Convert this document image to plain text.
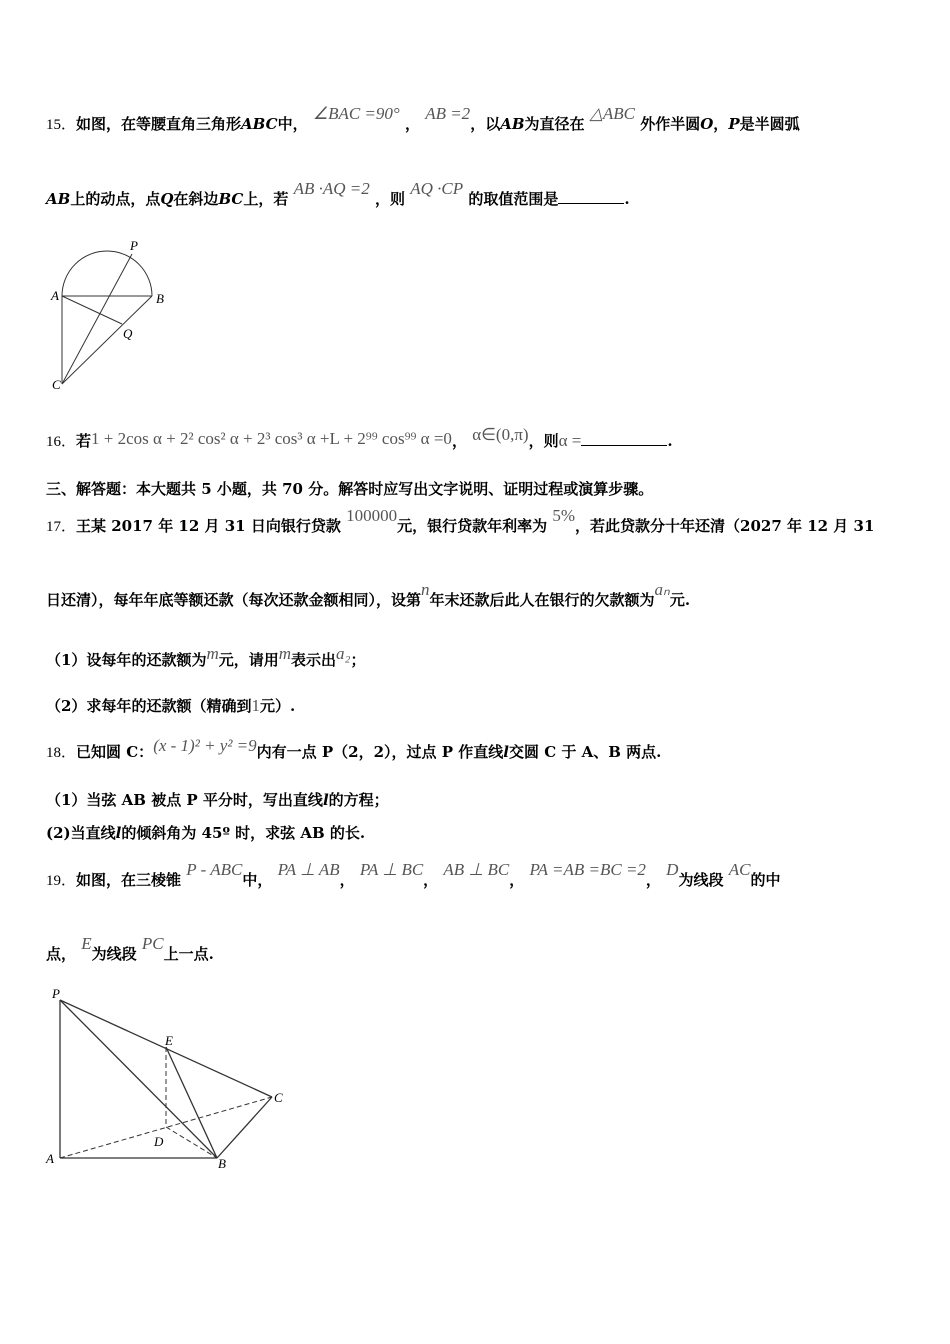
15．如图，在等腰直角三角形ABC中， ∠BAC =90° ， AB =2，以AB为直径在 △ABC 外作半圆O，P是半圆弧
AB上的动点，点Q在斜边BC上，若 AB ·AQ =2 ，则 AQ ·CP 的取值范围是	.
P
A	B
Q
C
16．若1 + 2cos α + 2² cos² α + 2³ cos³ α +L + 2⁹⁹ cos⁹⁹ α =0， α∈(0,π)，则α =	.
三、解答题：本大题共 5 小题，共 70 分。解答时应写出文字说明、证明过程或演算步骤。
17．王某 2017 年 12 月 31 日向银行贷款 100000元，银行贷款年利率为 5%，若此贷款分十年还清（2027 年 12 月 31
日还清），每年年底等额还款（每次还款金额相同），设第n年末还款后此人在银行的欠款额为aₙ元.
（1）设每年的还款额为m元，请用m表示出a₂；
（2）求每年的还款额（精确到1元）.
18．已知圆 C：(x - 1)² + y² =9内有一点 P（2，2），过点 P 作直线l交圆 C 于 A、B 两点.
（1）当弦 AB 被点 P 平分时，写出直线l的方程；
(2)当直线l的倾斜角为 45º 时，求弦 AB 的长.
19．如图，在三棱锥 P - ABC中， PA ⊥ AB， PA ⊥ BC， AB ⊥ BC， PA =AB =BC =2， D为线段 AC的中
点， E为线段 PC上一点.
P
E
C
D
A	B
